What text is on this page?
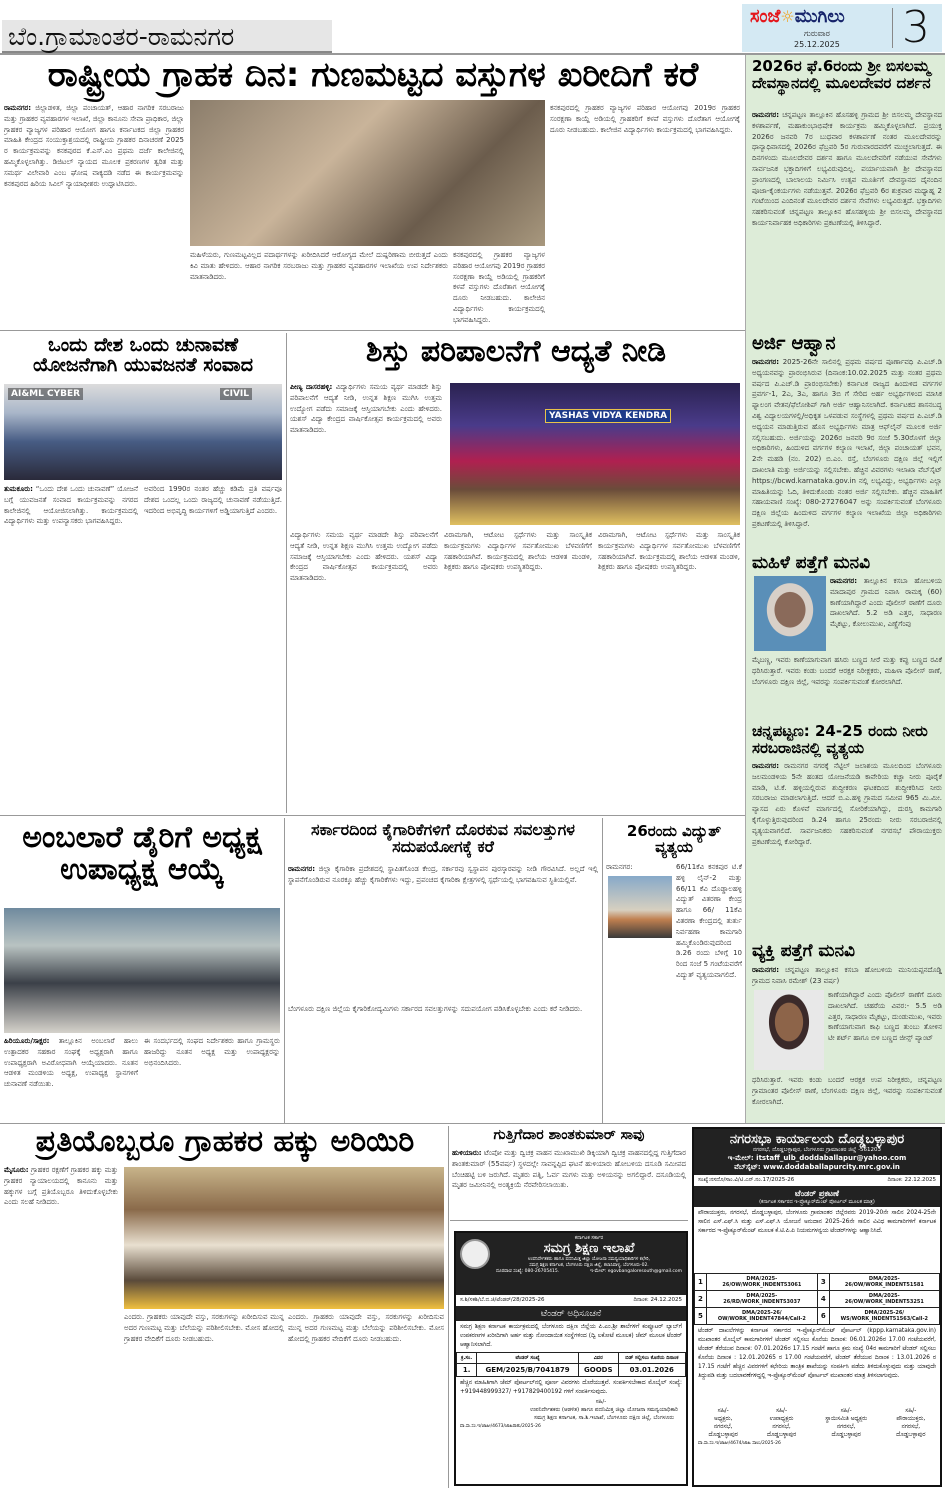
ಬೆಂ.ಗ್ರಾಮಾಂತರ-ರಾಮನಗರ
ಸಂಜೆ☼ಮುಗಿಲು
ಗುರುವಾರ
25.12.2025 3
ರಾಷ್ಟ್ರೀಯ ಗ್ರಾಹಕ ದಿನ: ಗುಣಮಟ್ಟದ ವಸ್ತುಗಳ ಖರೀದಿಗೆ ಕರೆ
ರಾಮನಗರ: ಜಿಲ್ಲಾಡಳಿತ, ಜಿಲ್ಲಾ ಪಂಚಾಯತ್, ಆಹಾರ ನಾಗರಿಕ ಸರಬರಾಜು ಮತ್ತು ಗ್ರಾಹಕರ ವ್ಯವಹಾರಗಳ ಇಲಾಖೆ, ಜಿಲ್ಲಾ ಕಾನೂನು ಸೇವಾ ಪ್ರಾಧಿಕಾರ, ಜಿಲ್ಲಾ ಗ್ರಾಹಕರ ವ್ಯಾಜ್ಯಗಳ ಪರಿಹಾರ ಆಯೋಗ ಹಾಗೂ ಕರ್ನಾಟಕದ ಜಿಲ್ಲಾ ಗ್ರಾಹಕರ ಮಾಹಿತಿ ಕೇಂದ್ರದ ಸಂಯುಕ್ತಾಶ್ರಯದಲ್ಲಿ ರಾಷ್ಟ್ರೀಯ ಗ್ರಾಹಕರ ದಿನಾಚರಣೆ 2025 ರ ಕಾರ್ಯಕ್ರಮವನ್ನು ಕನಕಪುರದ ಕೆ.ಎಸ್.ಎಂ ಪ್ರಥಮ ದರ್ಜೆ ಕಾಲೇಜಿನಲ್ಲಿ ಹಮ್ಮಿಕೊಳ್ಳಲಾಗಿತ್ತು. ಡಿಜಿಟಲ್ ನ್ಯಾಯದ ಮೂಲಕ ಪ್ರಕರಣಗಳ ತ್ವರಿತ ಮತ್ತು ಸಮರ್ಥ ವಿಲೇವಾರಿ ಎಂಬ ಘೋಷ ವಾಕ್ಯದಡಿ ನಡೆದ ಈ ಕಾರ್ಯಕ್ರಮವನ್ನು ಕನಕಪುರದ ಹಿರಿಯ ಸಿವಿಲ್ ನ್ಯಾಯಾಧೀಶರು ಉದ್ಘಾಟಿಸಿದರು.
ಮಹಿಳೆಯರು, ಗುಣಮಟ್ಟವಿಲ್ಲದ ಪದಾರ್ಥಗಳನ್ನು ಖರೀದಿಸಿದರೆ ಆರೋಗ್ಯದ ಮೇಲೆ ದುಷ್ಪರಿಣಾಮ ಬೀರುತ್ತದೆ ಎಂದು ಕಿವಿ ಮಾತು ಹೇಳಿದರು. ಆಹಾರ ನಾಗರಿಕ ಸರಬರಾಜು ಮತ್ತು ಗ್ರಾಹಕರ ವ್ಯವಹಾರಗಳ ಇಲಾಖೆಯ ಉಪ ನಿರ್ದೇಶಕರು ಮಾತನಾಡಿದರು.
ಕನಕಪುರದಲ್ಲಿ ಗ್ರಾಹಕರ ವ್ಯಾಜ್ಯಗಳ ಪರಿಹಾರ ಆಯೋಗವು 2019ರ ಗ್ರಾಹಕರ ಸಂರಕ್ಷಣಾ ಕಾಯ್ದೆ ಅಡಿಯಲ್ಲಿ ಗ್ರಾಹಕರಿಗೆ ಕಳಪೆ ವಸ್ತುಗಳು ದೊರೆತಾಗ ಆಯೋಗಕ್ಕೆ ದೂರು ನೀಡಬಹುದು. ಕಾಲೇಜಿನ ವಿದ್ಯಾರ್ಥಿಗಳು ಕಾರ್ಯಕ್ರಮದಲ್ಲಿ ಭಾಗವಹಿಸಿದ್ದರು.
ಕನಕಪುರದಲ್ಲಿ ಗ್ರಾಹಕರ ವ್ಯಾಜ್ಯಗಳ ಪರಿಹಾರ ಆಯೋಗವು 2019ರ ಗ್ರಾಹಕರ ಸಂರಕ್ಷಣಾ ಕಾಯ್ದೆ ಅಡಿಯಲ್ಲಿ ಗ್ರಾಹಕರಿಗೆ ಕಳಪೆ ವಸ್ತುಗಳು ದೊರೆತಾಗ ಆಯೋಗಕ್ಕೆ ದೂರು ನೀಡಬಹುದು. ಕಾಲೇಜಿನ ವಿದ್ಯಾರ್ಥಿಗಳು ಕಾರ್ಯಕ್ರಮದಲ್ಲಿ ಭಾಗವಹಿಸಿದ್ದರು.
ಒಂದು ದೇಶ ಒಂದು ಚುನಾವಣೆ ಯೋಜನೆಗಾಗಿ ಯುವಜನತೆ ಸಂವಾದ
AI&ML CYBER	CIVIL
ತುಮಕೂರು: “ಒಂದು ದೇಶ ಒಂದು ಚುನಾವಣೆ” ಯೋಜನೆ ಬಗ್ಗೆ ಯುವಜನತೆ ಸಂವಾದ ಕಾರ್ಯಕ್ರಮವನ್ನು ನಗರದ ಕಾಲೇಜಿನಲ್ಲಿ ಆಯೋಜಿಸಲಾಗಿತ್ತು. ಕಾರ್ಯಕ್ರಮದಲ್ಲಿ ವಿದ್ಯಾರ್ಥಿಗಳು ಮತ್ತು ಉಪನ್ಯಾಸಕರು ಭಾಗವಹಿಸಿದ್ದರು.
ಅವರಿಂದ 1990ರ ನಂತರ ಹೆಚ್ಚು ಕಡಿಮೆ ಪ್ರತಿ ವರ್ಷವೂ ದೇಶದ ಒಂದಲ್ಲ ಒಂದು ರಾಜ್ಯದಲ್ಲಿ ಚುನಾವಣೆ ನಡೆಯುತ್ತಿದೆ. ಇದರಿಂದ ಅಭಿವೃದ್ಧಿ ಕಾರ್ಯಗಳಿಗೆ ಅಡ್ಡಿಯಾಗುತ್ತಿದೆ ಎಂದರು.
ಶಿಸ್ತು ಪರಿಪಾಲನೆಗೆ ಆದ್ಯತೆ ನೀಡಿ
ಪೀಣ್ಯ ದಾಸರಹಳ್ಳಿ: ವಿದ್ಯಾರ್ಥಿಗಳು ಸಮಯ ವ್ಯರ್ಥ ಮಾಡದೇ ಶಿಸ್ತು ಪರಿಪಾಲನೆಗೆ ಆದ್ಯತೆ ನೀಡಿ, ಉನ್ನತ ಶಿಕ್ಷಣ ಮುಗಿಸಿ ಉತ್ತಮ ಉದ್ಯೋಗ ಪಡೆದು ಸಮಾಜಕ್ಕೆ ಆಸ್ತಿಯಾಗಬೇಕು ಎಂದು ಹೇಳಿದರು. ಯಶಸ್ ವಿದ್ಯಾ ಕೇಂದ್ರದ ವಾರ್ಷಿಕೋತ್ಸವ ಕಾರ್ಯಕ್ರಮದಲ್ಲಿ ಅವರು ಮಾತನಾಡಿದರು.
YASHAS VIDYA KENDRA
ವಿದ್ಯಾರ್ಥಿಗಳು ಸಮಯ ವ್ಯರ್ಥ ಮಾಡದೇ ಶಿಸ್ತು ಪರಿಪಾಲನೆಗೆ ಆದ್ಯತೆ ನೀಡಿ, ಉನ್ನತ ಶಿಕ್ಷಣ ಮುಗಿಸಿ ಉತ್ತಮ ಉದ್ಯೋಗ ಪಡೆದು ಸಮಾಜಕ್ಕೆ ಆಸ್ತಿಯಾಗಬೇಕು ಎಂದು ಹೇಳಿದರು. ಯಶಸ್ ವಿದ್ಯಾ ಕೇಂದ್ರದ ವಾರ್ಷಿಕೋತ್ಸವ ಕಾರ್ಯಕ್ರಮದಲ್ಲಿ ಅವರು ಮಾತನಾಡಿದರು.
ವಿರಾಮಗಾಗಿ, ಆಟೋಟ ಸ್ಪರ್ಧೆಗಳು ಮತ್ತು ಸಾಂಸ್ಕೃತಿಕ ಕಾರ್ಯಕ್ರಮಗಳು ವಿದ್ಯಾರ್ಥಿಗಳ ಸರ್ವತೋಮುಖ ಬೆಳವಣಿಗೆಗೆ ಸಹಕಾರಿಯಾಗಿವೆ. ಕಾರ್ಯಕ್ರಮದಲ್ಲಿ ಶಾಲೆಯ ಆಡಳಿತ ಮಂಡಳಿ, ಶಿಕ್ಷಕರು ಹಾಗೂ ಪೋಷಕರು ಉಪಸ್ಥಿತರಿದ್ದರು.
ವಿರಾಮಗಾಗಿ, ಆಟೋಟ ಸ್ಪರ್ಧೆಗಳು ಮತ್ತು ಸಾಂಸ್ಕೃತಿಕ ಕಾರ್ಯಕ್ರಮಗಳು ವಿದ್ಯಾರ್ಥಿಗಳ ಸರ್ವತೋಮುಖ ಬೆಳವಣಿಗೆಗೆ ಸಹಕಾರಿಯಾಗಿವೆ. ಕಾರ್ಯಕ್ರಮದಲ್ಲಿ ಶಾಲೆಯ ಆಡಳಿತ ಮಂಡಳಿ, ಶಿಕ್ಷಕರು ಹಾಗೂ ಪೋಷಕರು ಉಪಸ್ಥಿತರಿದ್ದರು.
ಅಂಬಲಾರೆ ಡೈರಿಗೆ ಅಧ್ಯಕ್ಷ ಉಪಾಧ್ಯಕ್ಷ ಆಯ್ಕೆ
ಹಿರಿಯೂರು/ಸಾಕ್ಷರ: ತಾಲ್ಲೂಕಿನ ಅಂಬಲಾರೆ ಹಾಲು ಉತ್ಪಾದಕರ ಸಹಕಾರ ಸಂಘಕ್ಕೆ ಅಧ್ಯಕ್ಷರಾಗಿ ಹಾಗೂ ಉಪಾಧ್ಯಕ್ಷರಾಗಿ ಅವಿರೋಧವಾಗಿ ಆಯ್ಕೆಯಾದರು. ನೂತನ ಆಡಳಿತ ಮಂಡಳಿಯ ಅಧ್ಯಕ್ಷ, ಉಪಾಧ್ಯಕ್ಷ ಸ್ಥಾನಗಳಿಗೆ ಚುನಾವಣೆ ನಡೆಯಿತು.
ಈ ಸಂದರ್ಭದಲ್ಲಿ ಸಂಘದ ನಿರ್ದೇಶಕರು ಹಾಗೂ ಗ್ರಾಮಸ್ಥರು ಹಾಜರಿದ್ದು ನೂತನ ಅಧ್ಯಕ್ಷ ಮತ್ತು ಉಪಾಧ್ಯಕ್ಷರನ್ನು ಅಭಿನಂದಿಸಿದರು.
ಸರ್ಕಾರದಿಂದ ಕೈಗಾರಿಕೆಗಳಿಗೆ ದೊರಕುವ ಸವಲತ್ತುಗಳ ಸದುಪಯೋಗಕ್ಕೆ ಕರೆ
ರಾಮನಗರ: ಜಿಲ್ಲಾ ಕೈಗಾರಿಕಾ ಪ್ರದೇಶದಲ್ಲಿ ಸ್ಥಾಪಿತಗೊಂಡ ಕೇಂದ್ರ, ಸರ್ಕಾರವು ಸ್ವಸ್ಥಾಪನ ಪುರಸ್ಕಾರವನ್ನು ನೀಡಿ ಗೌರವಿಸಿದೆ. ಅಲ್ಲದೆ ಇಲ್ಲಿ ಸ್ಥಾಪನೆಗೊಂಡಿರುವ ನೂರಕ್ಕೂ ಹೆಚ್ಚು ಕೈಗಾರಿಕೆಗಳು ಇದ್ದು, ಪ್ರಪಂಚದ ಕೈಗಾರಿಕಾ ಕ್ಷೇತ್ರಗಳಲ್ಲಿ ಸ್ಪರ್ಧೆಯಲ್ಲಿ ಭಾಗವಹಿಸುವ ಸ್ಥಿತಿಯಲ್ಲಿವೆ.
ಬೆಂಗಳೂರು ದಕ್ಷಿಣ ಜಿಲ್ಲೆಯ ಕೈಗಾರಿಕೋದ್ಯಮಿಗಳು ಸರ್ಕಾರದ ಸವಲತ್ತುಗಳನ್ನು ಸದುಪಯೋಗ ಪಡಿಸಿಕೊಳ್ಳಬೇಕು ಎಂದು ಕರೆ ನೀಡಿದರು.
26ರಂದು ವಿದ್ಯುತ್ ವ್ಯತ್ಯಯ
ರಾಮನಗರ:	66/11ಕೆವಿ ಕನಕಪುರ ಟಿ.ಕೆ ಹಳ್ಳಿ ಲೈನ್-2 ಮತ್ತು 66/11 ಕೆವಿ ದೊಡ್ಡಾಲಹಳ್ಳಿ ವಿದ್ಯುತ್ ವಿತರಣಾ ಕೇಂದ್ರ ಹಾಗೂ 66/ 11ಕೆವಿ ವಿತರಣಾ ಕೇಂದ್ರದಲ್ಲಿ ತುರ್ತು ನಿರ್ವಹಣಾ ಕಾಮಗಾರಿ ಹಮ್ಮಿಕೊಂಡಿರುವುದರಿಂದ ಡಿ.26 ರಂದು ಬೆಳಿಗ್ಗೆ 10 ರಿಂದ ಸಂಜೆ 5 ಗಂಟೆಯವರೆಗೆ ವಿದ್ಯುತ್ ವ್ಯತ್ಯಯವಾಗಲಿದೆ.
ಪ್ರತಿಯೊಬ್ಬರೂ ಗ್ರಾಹಕರ ಹಕ್ಕು ಅರಿಯಿರಿ
ಮೈಸೂರು: ಗ್ರಾಹಕರ ರಕ್ಷಣೆಗೆ ಗ್ರಾಹಕರ ಹಕ್ಕು ಮತ್ತು ಗ್ರಾಹಕರ ನ್ಯಾಯಾಲಯದಲ್ಲಿ ಕಾನೂನು ಮತ್ತು ಹಕ್ಕುಗಳ ಬಗ್ಗೆ ಪ್ರತಿಯೊಬ್ಬರೂ ತಿಳಿದುಕೊಳ್ಳಬೇಕು ಎಂದು ಸಲಹೆ ನೀಡಿದರು.
ಎಂದರು. ಗ್ರಾಹಕರು ಯಾವುದೇ ವಸ್ತು, ಸರಕುಗಳನ್ನು ಖರೀದಿಸುವ ಮುನ್ನ ಅದರ ಗುಣಮಟ್ಟ ಮತ್ತು ಬೆಲೆಯನ್ನು ಪರಿಶೀಲಿಸಬೇಕು. ಮೋಸ ಹೋದಲ್ಲಿ ಗ್ರಾಹಕರ ವೇದಿಕೆಗೆ ದೂರು ನೀಡಬಹುದು.
ಎಂದರು. ಗ್ರಾಹಕರು ಯಾವುದೇ ವಸ್ತು, ಸರಕುಗಳನ್ನು ಖರೀದಿಸುವ ಮುನ್ನ ಅದರ ಗುಣಮಟ್ಟ ಮತ್ತು ಬೆಲೆಯನ್ನು ಪರಿಶೀಲಿಸಬೇಕು. ಮೋಸ ಹೋದಲ್ಲಿ ಗ್ರಾಹಕರ ವೇದಿಕೆಗೆ ದೂರು ನೀಡಬಹುದು.
ಗುತ್ತಿಗೆದಾರ ಶಾಂತಕುಮಾರ್ ಸಾವು
ಹುಳಿಯಾರು: ಟೆಂಪೋ ಮತ್ತು ದ್ವಿಚಕ್ರ ವಾಹನ ಮುಖಾಮುಖಿ ಡಿಕ್ಕಿಯಾಗಿ ದ್ವಿಚಕ್ರ ವಾಹನದಲ್ಲಿದ್ದ ಗುತ್ತಿಗೆದಾರ ಶಾಂತಕುಮಾರ್ (55ವರ್ಷ) ಸ್ಥಳದಲ್ಲೇ ಸಾವನ್ನಪ್ಪಿದ ಘಟನೆ ಹುಳಿಯಾರು ಹೋಬಳಿಯ ದಸೂಡಿ ಸಮೀಪದ ಬೆಂಚಿಹಟ್ಟಿ ಬಳಿ ಜರುಗಿದೆ. ಮೃತರು ಪತ್ನಿ, ಓರ್ವ ಮಗಳು ಮತ್ತು ಅಳಿಯನನ್ನು ಅಗಲಿದ್ದಾರೆ. ದಸೂಡಿಯಲ್ಲಿ ಮೃತರ ಜಮೀನಿನಲ್ಲಿ ಅಂತ್ಯಕ್ರಿಯೆ ನೆರವೇರಿಸಲಾಯಿತು.
ಕರ್ನಾಟಕ ಸರ್ಕಾರ
ಸಮಗ್ರ ಶಿಕ್ಷಣ ಇಲಾಖೆ
ಉಪನಿರ್ದೇಶಕರು ಹಾಗೂ ಪದನಿಮಿತ್ತ ಜಿಲ್ಲಾ ಯೋಜನಾ ಸಮನ್ವಯಾಧಿಕಾರಿಗಳ ಕಛೇರಿ,
ಸಮಗ್ರ ಶಿಕ್ಷಣ ಕರ್ನಾಟಕ, ಬೆಂಗಳೂರು ದಕ್ಷಿಣ ಜಿಲ್ಲೆ, ಕಲಾಸಿಪಾಳ್ಯ, ಬೆಂಗಳೂರು-02.
ದೂರವಾಣಿ ಸಂಖ್ಯೆ: 080-26705415.	ಇ-ಮೇಲ್: egovbangaloresouth@gmail.com
ಸ.ಶಿ/ಸಕಶಿ/ಬೆ.ದ.ಜಿ/ಟೆಂಡರ್/28/2025-26	ದಿನಾಂಕ: 24.12.2025
ಟೆಂಡರ್ ಅಧಿಸೂಚನೆ
ಸಮಗ್ರ ಶಿಕ್ಷಣ ಕರ್ನಾಟಕ ಕಾರ್ಯಕ್ರಮದಲ್ಲಿ ಬೆಂಗಳೂರು ದಕ್ಷಿಣ ಜಿಲ್ಲೆಯ ಪಿ.ಎಂ.ಶ್ರೀ ಶಾಲೆಗಳಿಗೆ ಕಂಪ್ಯೂಟರ್ ಲ್ಯಾಬ್‌ಗೆ ಉಪಕರಣಗಳ ಖರೀದಿಗಾಗಿ ಅರ್ಹ ಮತ್ತು ನೋಂದಾಯಿತ ಸಂಸ್ಥೆಗಳಿಂದ (ದ್ವಿ ಲಕೋಟೆ ಮೂಲಕ) ಜೆಮ್ ಮೂಲಕ ಟೆಂಡರ್ ಆಹ್ವಾನಿಸಲಾಗಿದೆ.
ಕ್ರ.ಸಂ.	ಟೆಂಡರ್ ಸಂಖ್ಯೆ	ವಿವರ	ಬಿಡ್ ಸಲ್ಲಿಸಲು ಕೊನೆಯ ದಿನಾಂಕ
1.	GEM/2025/B/7041879	GOODS	03.01.2026
ಹೆಚ್ಚಿನ ಮಾಹಿತಿಗಾಗಿ ಜೆಮ್ ಪೋರ್ಟಲ್‌ನಲ್ಲಿ ಪೂರ್ಣ ವಿವರಗಳು ದೊರೆಯುತ್ತವೆ. ಸಂಪರ್ಕಿಸಬೇಕಾದ ಮೊಬೈಲ್ ಸಂಖ್ಯೆ: +919448999327/ +917829400192 ಗಳಿಗೆ ಸಂಪರ್ಕಿಸುವುದು.
ಸಹಿ/-
ಉಪನಿರ್ದೇಶಕರು (ಆಡಳಿತ) ಹಾಗೂ ಪದನಿಮಿತ್ತ ಜಿಲ್ಲಾ ಯೋಜನಾ ಸಮನ್ವಯಾಧಿಕಾರಿ ಸಮಗ್ರ ಶಿಕ್ಷಣ ಕರ್ನಾಟಕ, ಸಾ.ಶಿ.ಇಲಾಖೆ, ಬೆಂಗಳೂರು ದಕ್ಷಿಣ ಜಿಲ್ಲೆ, ಬೆಂಗಳೂರು
ವಾ.ಸಾ.ಸಂ.ಇ/ಜಾಹೀ/4673/ಜಾಹಿರಾತು/2025-26
ನಗರಸಭಾ ಕಾರ್ಯಾಲಯ ದೊಡ್ಡಬಳ್ಳಾಪುರ
ನಗರಸಭೆ, ದೊಡ್ಡಬಳ್ಳಾಪುರ, ಬೆಂಗಳೂರು ಗ್ರಾಮಾಂತರ ಜಿಲ್ಲೆ -561203
ಇ-ಮೇಲ್: itstaff_ulb_doddaballapur@yahoo.com
ವೆಬ್‌ಸೈಟ್: www.doddaballapurcity.mrc.gov.in
ಸಂಖ್ಯೆ:ನಸದೊ/ಸಾಂ.ವಿ/ಟಿ.ಎನ್.ನಂ.17/2025-26	ದಿನಾಂಕ: 22.12.2025
ಟೆಂಡರ್ ಪ್ರಕಟಣೆ
(ಕರ್ನಾಟಕ ಸರ್ಕಾರದ ಇ-ಪ್ರೊಕ್ಯೂರ್‌ಮೆಂಟ್ ಪೋರ್ಟಲ್ ಮೂಲಕ ಮಾತ್ರ)
ಪೌರಾಯುಕ್ತರು, ನಗರಸಭೆ, ದೊಡ್ಡಬಳ್ಳಾಪುರ, ಬೆಂಗಳೂರು ಗ್ರಾಮಾಂತರ ಜಿಲ್ಲೆರವರು 2019-20ನೇ ಸಾಲಿನ 2024-25ನೇ ಸಾಲಿನ ಎಸ್.ಎಫ್.ಸಿ ಮತ್ತು ಎಸ್.ಎಫ್.ಸಿ ಯೋಜನೆ ಅನುದಾನ 2025-26ನೇ ಸಾಲಿನ ವಿವಿಧ ಕಾಮಗಾರಿಗಳಿಗೆ ಕರ್ನಾಟಕ ಸರ್ಕಾರದ ಇ-ಪ್ರೊಕ್ಯೂರ್‌ಮೆಂಟ್ ಮೂಲಕ ಕೆ.ಟಿ.ಪಿ.ಪಿ ನಿಯಮಗಳನ್ವಯ ಟೆಂಡರ್‌ಗಳನ್ನು ಆಹ್ವಾನಿಸಿದೆ.
1	DMA/2025-26/OW/WORK_INDENT53061	3	DMA/2025-26/OW/WORK_INDENT51581
2	DMA/2025-26/RD/WORK_INDENT53037	4	DMA/2025-26/OW/WORK_INDENT53251
5	DMA/2025-26/ OW/WORK_INDENT47844/Call-2	6	DMA/2025-26/ WS/WORK_INDENT51563/Call-2
ಟೆಂಡರ್ ದಾಖಲೆಗಳನ್ನು ಕರ್ನಾಟಕ ಸರ್ಕಾರದ ಇ-ಪ್ರೊಕ್ಯೂರ್‌ಮೆಂಟ್ ಪೋರ್ಟಲ್ (kppp.karnataka.gov.in) ಮುಖಾಂತರ ಮೊಬೈಲ್ ಕಾಮಗಾರಿಗಳಿಗೆ ಟೆಂಡರ್ ಸಲ್ಲಿಸಲು ಕೊನೆಯ ದಿನಾಂಕ: 06.01.2026ರ 17.00 ಗಂಟೆಯವರೆಗೆ, ಟೆಂಡರ್ ತೆರೆಯುವ ದಿನಾಂಕ: 07.01.2026ರ 17.15 ಗಂಟೆಗೆ ಹಾಗೂ ಕ್ರಮ ಸಂಖ್ಯೆ 04ರ ಕಾಮಗಾರಿಗೆ ಟೆಂಡರ್ ಸಲ್ಲಿಸಲು ಕೊನೆಯ ದಿನಾಂಕ : 12.01.20265 ರ 17.00 ಗಂಟೆಯವರೆಗೆ, ಟೆಂಡರ್ ತೆರೆಯುವ ದಿನಾಂಕ : 13.01.2026 ರ 17.15 ಗಂಟೆಗೆ ಹೆಚ್ಚಿನ ವಿವರಗಳಿಗೆ ಕಛೇರಿಯ ತಾಂತ್ರಿಕ ಶಾಖೆಯನ್ನು ಸಂಪರ್ಕಿಸಿ ಪಡೆದು ತಿಳಿದುಕೊಳ್ಳುವುದು ಮತ್ತು ಯಾವುದೇ ತಿದ್ದುಪಡಿ ಮತ್ತು ಬದಲಾವಣೆಗಳಿದ್ದಲ್ಲಿ ಇ-ಪ್ರೊಕ್ಯೂರ್‌ಮೆಂಟ್ ಪೋರ್ಟಲ್ ಮುಖಾಂತರ ಮಾತ್ರ ತಿಳಿಸಲಾಗುವುದು.
ಸಹಿ/-
ಅಧ್ಯಕ್ಷರು,
ನಗರಸಭೆ,
ದೊಡ್ಡಬಳ್ಳಾಪುರ
ಸಹಿ/-
ಉಪಾಧ್ಯಕ್ಷರು
ನಗರಸಭೆ,
ದೊಡ್ಡಬಳ್ಳಾಪುರ
ಸಹಿ/-
ಸ್ಥಾಯಿಸಮಿತಿ ಅಧ್ಯಕ್ಷರು
ನಗರಸಭೆ,
ದೊಡ್ಡಬಳ್ಳಾಪುರ
ಸಹಿ/-
ಪೌರಾಯುಕ್ತರು,
ನಗರಸಭೆ,
ದೊಡ್ಡಬಳ್ಳಾಪುರ
ವಾ.ಸಾ.ಸಂ.ಇ/ಜಾಹೀ/4674/ಜಾಹಿ ಸಾಲು/2025-26
2026ರ ಫೆ.6ರಂದು ಶ್ರೀ ಬಿಸಲಮ್ಮ ದೇವಸ್ಥಾನದಲ್ಲಿ ಮೂಲದೇವರ ದರ್ಶನ
ರಾಮನಗರ: ಚನ್ನಪಟ್ಟಣ ತಾಲ್ಲೂಕಿನ ಹೊಸಹಳ್ಳಿ ಗ್ರಾಮದ ಶ್ರೀ ಬಿಸಲಮ್ಮ ದೇವಸ್ಥಾನದ ಕಳಶಾರ್ಪಣೆ, ಮಹಾಕುಂಭಾಭಿಷೇಕ ಕಾರ್ಯಕ್ರಮ ಹಮ್ಮಿಕೊಳ್ಳಲಾಗಿದೆ. ಪ್ರಯುಕ್ತ 2026ರ ಜನವರಿ 7ರ ಬುಧವಾರ ಕಳಶಾರ್ಪಣೆ ನಂತರ ಮೂಲದೇವರನ್ನು ಧಾನ್ಯಾಧಿವಾಸದಲ್ಲಿ 2026ರ ಫೆಬ್ರವರಿ 5ರ ಗುರುವಾರದವರೆಗೆ ಮುಚ್ಚಲಾಗುತ್ತದೆ. ಈ ದಿನಗಳಂದು ಮೂಲದೇವರ ದರ್ಶನ ಹಾಗೂ ಮೂಲದೇವರಿಗೆ ನಡೆಯುವ ಸೇವೆಗಳು ಸಾರ್ವಜನಿಕ ಭಕ್ತಾದಿಗಳಿಗೆ ಲಭ್ಯವಿರುವುದಿಲ್ಲ. ಪರ್ಯಾಯವಾಗಿ ಶ್ರೀ ದೇವಸ್ಥಾನದ ಪ್ರಾಂಗಣದಲ್ಲಿ ಬಾಲಾಲಯ ನಿರ್ಮಿಸಿ ಉತ್ಸವ ಮೂರ್ತಿಗೆ ದೇವಸ್ಥಾನದ ದೈನಂದಿನ ಪೂಜಾ-ಕೈಂಕರ್ಯಗಳು ನಡೆಯುತ್ತವೆ. 2026ರ ಫೆಬ್ರವರಿ 6ರ ಶುಕ್ರವಾರ ಮಧ್ಯಾಹ್ನ 2 ಗಂಟೆಯಿಂದ ಎಂದಿನಂತೆ ಮೂಲದೇವರ ದರ್ಶನ ಸೇವೆಗಳು ಲಭ್ಯವಿರುತ್ತದೆ. ಭಕ್ತಾದಿಗಳು ಸಹಕರಿಸುವಂತೆ ಚನ್ನಪಟ್ಟಣ ತಾಲ್ಲೂಕಿನ ಹೊಸಹಳ್ಳಿಯ ಶ್ರೀ ಬಿಸಲಮ್ಮ ದೇವಸ್ಥಾನದ ಕಾರ್ಯನಿರ್ವಾಹಕ ಅಧಿಕಾರಿಗಳು ಪ್ರಕಟಣೆಯಲ್ಲಿ ತಿಳಿಸಿದ್ದಾರೆ.
ಅರ್ಜಿ ಆಹ್ವಾನ
ರಾಮನಗರ: 2025-26ನೇ ಸಾಲಿನಲ್ಲಿ ಪ್ರಥಮ ವರ್ಷದ ಪೂರ್ಣಾವಧಿ ಪಿ.ಎಚ್.ಡಿ ಅಧ್ಯಯನವನ್ನು ಪ್ರಾರಂಭಿಸಿರುವ (ದಿನಾಂಕ:10.02.2025 ಮತ್ತು ನಂತರ ಪ್ರಥಮ ವರ್ಷದ ಪಿ.ಎಚ್.ಡಿ ಪ್ರಾರಂಭಿಸಬೇಕು) ಕರ್ನಾಟಕ ರಾಜ್ಯದ ಹಿಂದುಳಿದ ವರ್ಗಗಳ ಪ್ರವರ್ಗ-1, 2ಎ, 3ಎ, ಹಾಗೂ 3ಬಿ ಗೆ ಸೇರಿದ ಅರ್ಹ ಅಭ್ಯರ್ಥಿಗಳಿಂದ ಮಾಸಿಕ ಫ್ಯಾಲಂಗ ವೇತನ/ಫೆಲೋಶಿಪ್ ಗಾಗಿ ಅರ್ಜಿ ಆಹ್ವಾನಿಸಲಾಗಿದೆ. ಕರ್ನಾಟಕದ ಶಾಸನಬದ್ಧ ವಿಶ್ವ ವಿದ್ಯಾಲಯಗಳಲ್ಲಿ/ಅಧಿಕೃತ ಒಳಪಡುವ ಸಂಸ್ಥೆಗಳಲ್ಲಿ ಪ್ರಥಮ ವರ್ಷದ ಪಿ.ಎಚ್.ಡಿ ಅಧ್ಯಯನ ಮಾಡುತ್ತಿರುವ ಹೊಸ ಅಭ್ಯರ್ಥಿಗಳು ಮಾತ್ರ ಆಫ್‌ಲೈನ್ ಮೂಲಕ ಅರ್ಜಿ ಸಲ್ಲಿಸಬಹುದು. ಅರ್ಜಿಯನ್ನು 2026ರ ಜನವರಿ 9ರ ಸಂಜೆ 5.30ರೊಳಗೆ ಜಿಲ್ಲಾ ಅಧಿಕಾರಿಗಳು, ಹಿಂದುಳಿದ ವರ್ಗಗಳ ಕಲ್ಯಾಣ ಇಲಾಖೆ, ಜಿಲ್ಲಾ ಪಂಚಾಯತ್ ಭವನ, 2ನೇ ಮಹಡಿ (ನಂ. 202) ಬಿ.ಎಂ. ರಸ್ತೆ, ಬೆಂಗಳೂರು ದಕ್ಷಿಣ ಜಿಲ್ಲೆ ಇಲ್ಲಿಗೆ ದಾಖಲಾತಿ ಮತ್ತು ಅರ್ಜಿಯನ್ನು ಸಲ್ಲಿಸಬೇಕು. ಹೆಚ್ಚಿನ ವಿವರಗಳು ಇಲಾಖಾ ವೆಬ್‌ಸೈಟ್ https://bcwd.karnataka.gov.in ನಲ್ಲಿ ಲಭ್ಯವಿದ್ದು, ಅಭ್ಯರ್ಥಿಗಳು ಎಲ್ಲಾ ಮಾಹಿತಿಯನ್ನು ಓದಿ, ತಿಳಿದುಕೊಂಡು ನಂತರ ಅರ್ಜಿ ಸಲ್ಲಿಸಬೇಕು. ಹೆಚ್ಚಿನ ಮಾಹಿತಿಗೆ ಸಹಾಯವಾಣಿ ಸಂಖ್ಯೆ: 080-27276047 ಅನ್ನು ಸಂಪರ್ಕಿಸುವಂತೆ ಬೆಂಗಳೂರು ದಕ್ಷಿಣ ಜಿಲ್ಲೆಯ ಹಿಂದುಳಿದ ವರ್ಗಗಳ ಕಲ್ಯಾಣ ಇಲಾಖೆಯ ಜಿಲ್ಲಾ ಅಧಿಕಾರಿಗಳು ಪ್ರಕಟಣೆಯಲ್ಲಿ ತಿಳಿಸಿದ್ದಾರೆ.
ಮಹಿಳೆ ಪತ್ತೆಗೆ ಮನವಿ
ರಾಮನಗರ: ತಾಲ್ಲೂಕಿನ ಕಸಬಾ ಹೋಬಳಿಯ ಮಾದಾಪುರ ಗ್ರಾಮದ ನಿವಾಸಿ ರಾಮಕ್ಕ (60) ಕಾಣೆಯಾಗಿದ್ದಾರೆ ಎಂದು ಪೊಲೀಸ್ ಠಾಣೆಗೆ ದೂರು ದಾಖಲಾಗಿದೆ. 5.2 ಅಡಿ ಎತ್ತರ, ಸಾಧಾರಣ ಮೈಕಟ್ಟು, ಕೋಲುಮುಖ, ಎಣ್ಣೆಗೆಂಪು
ಮೈಬಣ್ಣ, ಇವರು ಕಾಣೆಯಾಗುವಾಗ ಹಸಿರು ಬಣ್ಣದ ಸೀರೆ ಮತ್ತು ಕಪ್ಪು ಬಣ್ಣದ ರವಿಕೆ ಧರಿಸಿರುತ್ತಾರೆ. ಇವರು ಕಂಡು ಬಂದರೆ ಆರಕ್ಷಕ ನಿರೀಕ್ಷಕರು, ಮಹಿಳಾ ಪೊಲೀಸ್ ಠಾಣೆ, ಬೆಂಗಳೂರು ದಕ್ಷಿಣ ಜಿಲ್ಲೆ, ಇವರನ್ನು ಸಂಪರ್ಕಿಸುವಂತೆ ಕೋರಲಾಗಿದೆ.
ಚನ್ನಪಟ್ಟಣ: 24-25 ರಂದು ನೀರು ಸರಬರಾಜಿನಲ್ಲಿ ವ್ಯತ್ಯಯ
ರಾಮನಗರ: ರಾಮನಗರ ನಗರಕ್ಕೆ ನೆಟ್ಟಿಲ್ ಜಲಾಶಯ ಮೂಲದಿಂದ ಬೆಂಗಳೂರು ಜಲಮಂಡಳಿಯ 5ನೇ ಹಂತದ ಯೋಜನೆಯಡಿ ಕಾವೇರಿಯ ಕಚ್ಚಾ ನೀರು ಪೂರೈಕೆ ಮಾಡಿ, ಟಿ.ಕೆ. ಹಳ್ಳಿಯಲ್ಲಿರುವ ಶುದ್ಧೀಕರಣ ಘಟಕದಿಂದ ಶುದ್ಧೀಕರಿಸಿದ ನೀರು ಸರಬರಾಜು ಮಾಡಲಾಗುತ್ತಿದೆ. ಆದರೆ ಬಿ.ಎ.ಹಳ್ಳಿ ಗ್ರಾಮದ ಸಮೀಪ 965 ಮಿ.ಮೀ. ವ್ಯಾಸದ ಏರು ಕೊಳವೆ ಮಾರ್ಗದಲ್ಲಿ ಸೋರಿಕೆಯಾಗಿದ್ದು, ದುರಸ್ತಿ ಕಾಮಗಾರಿ ಕೈಗೊಳ್ಳುತ್ತಿರುವುದರಿಂದ ಡಿ.24 ಹಾಗೂ 25ರಂದು ನೀರು ಸರಬರಾಜಿನಲ್ಲಿ ವ್ಯತ್ಯಯವಾಗಲಿದೆ. ಸಾರ್ವಜನಿಕರು ಸಹಕರಿಸುವಂತೆ ನಗರಸಭೆ ಪೌರಾಯುಕ್ತರು ಪ್ರಕಟಣೆಯಲ್ಲಿ ಕೋರಿದ್ದಾರೆ.
ವ್ಯಕ್ತಿ ಪತ್ತೆಗೆ ಮನವಿ
ರಾಮನಗರ: ಚನ್ನಪಟ್ಟಣ ತಾಲ್ಲೂಕಿನ ಕಸಬಾ ಹೋಬಳಿಯ ಮುನಿಯಪ್ಪನದೊಡ್ಡಿ ಗ್ರಾಮದ ನಿವಾಸಿ ರಮೇಶ್ (23 ವರ್ಷ)
ಕಾಣೆಯಾಗಿದ್ದಾರೆ ಎಂದು ಪೊಲೀಸ್ ಠಾಣೆಗೆ ದೂರು ದಾಖಲಾಗಿದೆ. ಚಹರೆಯ ವಿವರ:- 5.5 ಅಡಿ ಎತ್ತರ, ಸಾಧಾರಣ ಮೈಕಟ್ಟು, ದುಂಡುಮುಖ, ಇವರು ಕಾಣೆಯಾಗುವಾಗ ಕಾಫಿ ಬಣ್ಣದ ತುಂಬು ತೋಳಿನ ಟೀ ಶರ್ಟ್ ಹಾಗೂ ಬಿಳಿ ಬಣ್ಣದ ಜೀನ್ಸ್ ಪ್ಯಾಂಟ್
ಧರಿಸಿರುತ್ತಾರೆ. ಇವರು ಕಂಡು ಬಂದರೆ ಆರಕ್ಷಕ ಉಪ ನಿರೀಕ್ಷಕರು, ಚನ್ನಪಟ್ಟಣ ಗ್ರಾಮಾಂತರ ಪೊಲೀಸ್ ಠಾಣೆ, ಬೆಂಗಳೂರು ದಕ್ಷಿಣ ಜಿಲ್ಲೆ, ಇವರನ್ನು ಸಂಪರ್ಕಿಸುವಂತೆ ಕೋರಲಾಗಿದೆ.
